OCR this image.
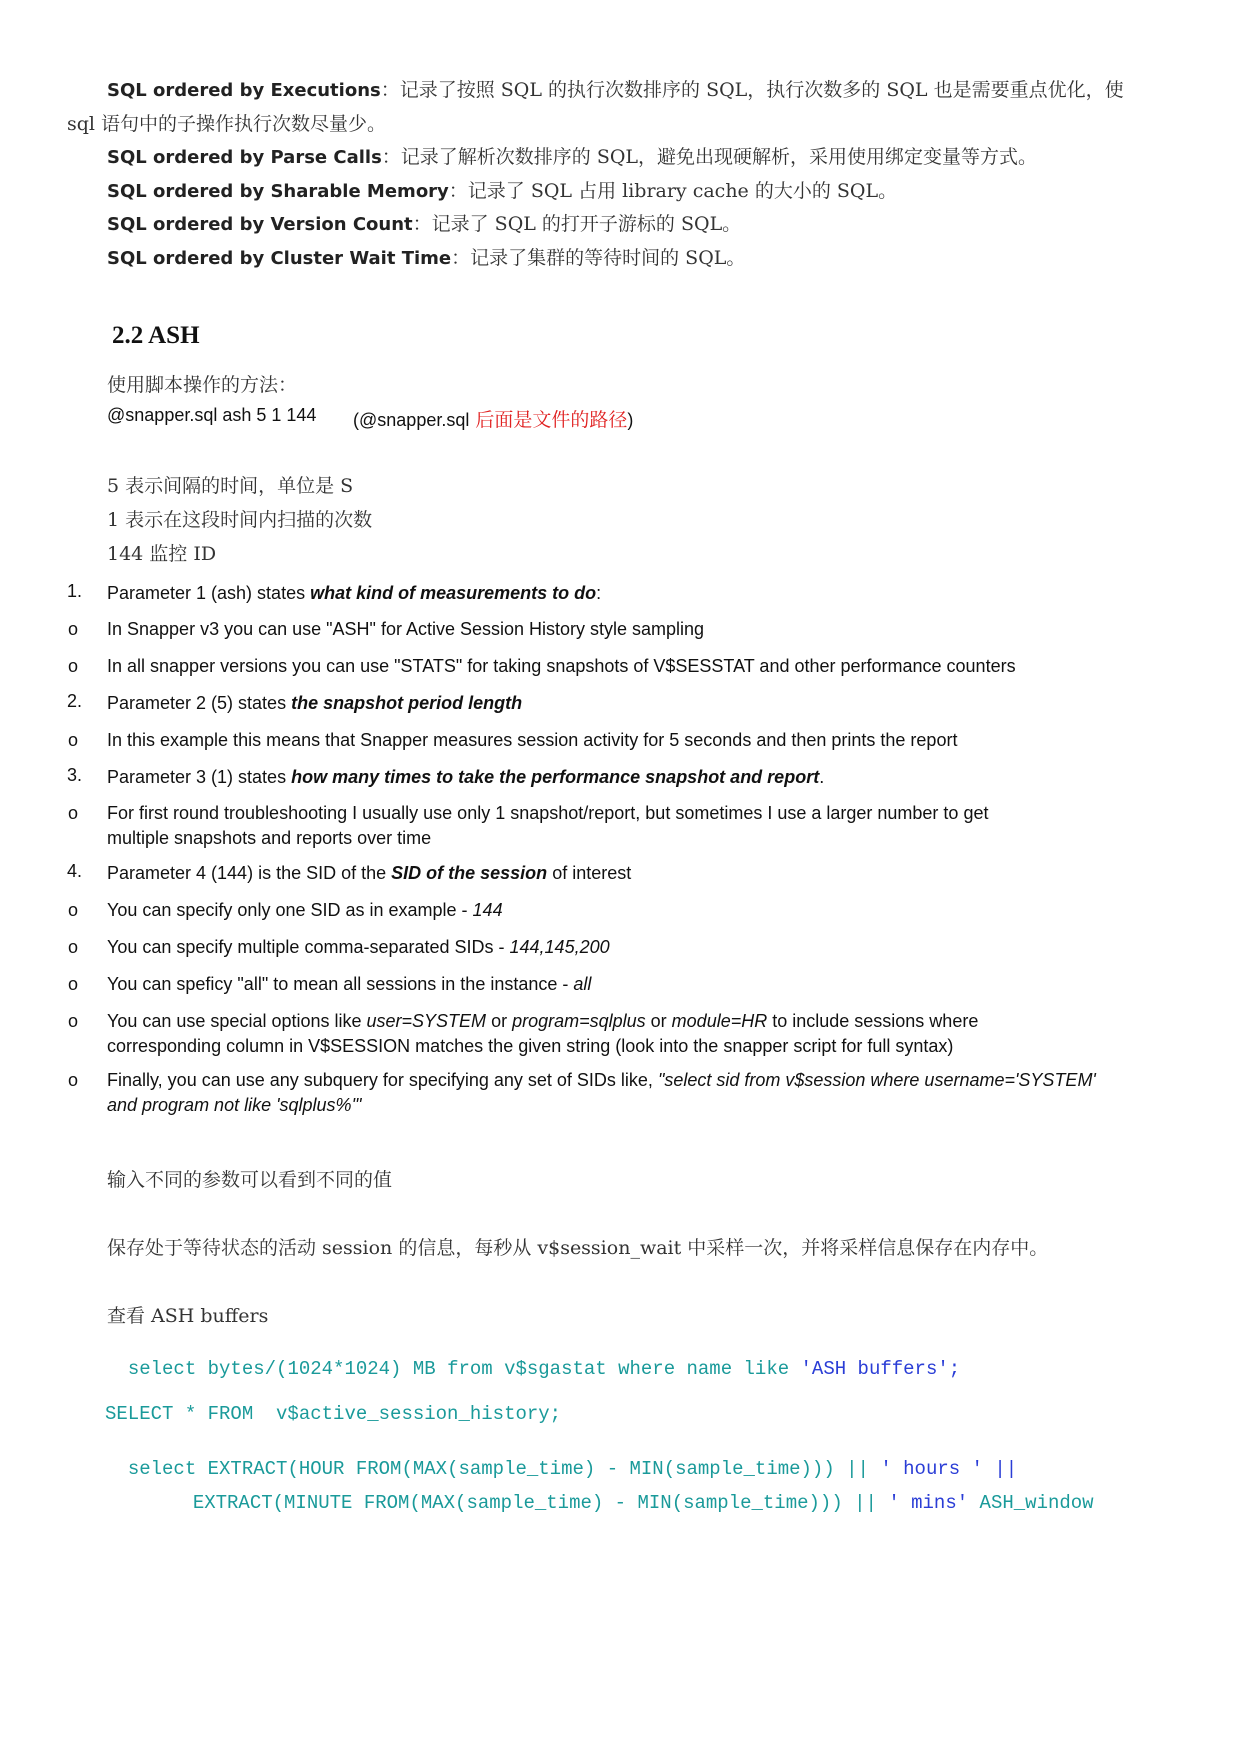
SQL ordered by Executions：记录了按照 SQL 的执行次数排序的 SQL，执行次数多的 SQL 也是需要重点优化，使
sql 语句中的子操作执行次数尽量少。
SQL ordered by Parse Calls：记录了解析次数排序的 SQL，避免出现硬解析，采用使用绑定变量等方式。
SQL ordered by Sharable Memory：记录了 SQL 占用 library cache 的大小的 SQL。
SQL ordered by Version Count：记录了 SQL 的打开子游标的 SQL。
SQL ordered by Cluster Wait Time：记录了集群的等待时间的 SQL。
2.2 ASH
使用脚本操作的方法：
@snapper.sql ash 5 1 144 (@snapper.sql 后面是文件的路径)
5 表示间隔的时间，单位是 S
1 表示在这段时间内扫描的次数
144 监控 ID
1. Parameter 1 (ash) states what kind of measurements to do:
o In Snapper v3 you can use "ASH" for Active Session History style sampling
o In all snapper versions you can use "STATS" for taking snapshots of V$SESSTAT and other performance counters
2. Parameter 2 (5) states the snapshot period length
o In this example this means that Snapper measures session activity for 5 seconds and then prints the report
3. Parameter 3 (1) states how many times to take the performance snapshot and report.
o For first round troubleshooting I usually use only 1 snapshot/report, but sometimes I use a larger number to get multiple snapshots and reports over time
4. Parameter 4 (144) is the SID of the SID of the session of interest
o You can specify only one SID as in example - 144
o You can specify multiple comma-separated SIDs - 144,145,200
o You can speficy "all" to mean all sessions in the instance - all
o You can use special options like user=SYSTEM or program=sqlplus or module=HR to include sessions where corresponding column in V$SESSION matches the given string (look into the snapper script for full syntax)
o Finally, you can use any subquery for specifying any set of SIDs like, "select sid from v$session where username='SYSTEM' and program not like 'sqlplus%'"
输入不同的参数可以看到不同的值
保存处于等待状态的活动 session 的信息，每秒从 v$session_wait 中采样一次，并将采样信息保存在内存中。
查看 ASH buffers

select bytes/(1024*1024) MB from v$sgastat where name like 'ASH buffers';

SELECT * FROM  v$active_session_history;

select EXTRACT(HOUR FROM(MAX(sample_time) - MIN(sample_time))) || ' hours ' ||

EXTRACT(MINUTE FROM(MAX(sample_time) - MIN(sample_time))) || ' mins' ASH_window
